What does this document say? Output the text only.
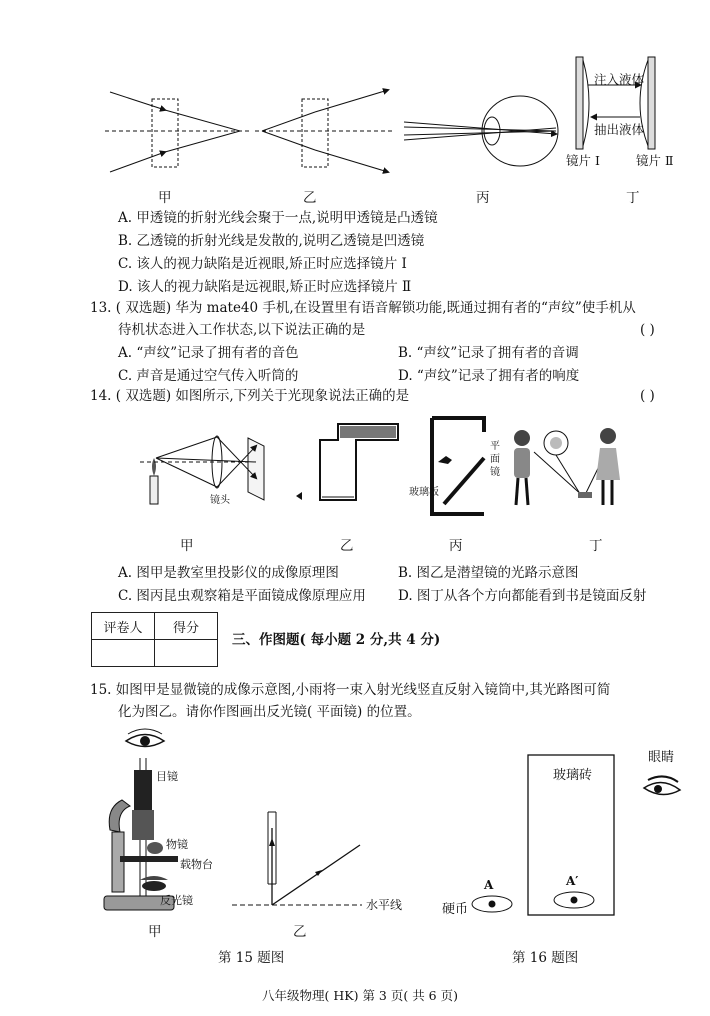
注入液体
抽出液体
镜片 Ⅰ	镜片 Ⅱ
甲	乙	丙	丁
A. 甲透镜的折射光线会聚于一点,说明甲透镜是凸透镜
B. 乙透镜的折射光线是发散的,说明乙透镜是凹透镜
C. 该人的视力缺陷是近视眼,矫正时应选择镜片 Ⅰ
D. 该人的视力缺陷是远视眼,矫正时应选择镜片 Ⅱ
13. ( 双选题) 华为 mate40 手机,在设置里有语音解锁功能,既通过拥有者的“声纹”使手机从
待机状态进入工作状态,以下说法正确的是	( )
A. “声纹”记录了拥有者的音色	B. “声纹”记录了拥有者的音调
C. 声音是通过空气传入听筒的	D. “声纹”记录了拥有者的响度
14. ( 双选题) 如图所示,下列关于光现象说法正确的是	( )
镜头
玻璃板
平
面
镜
甲	乙	丙	丁
A. 图甲是教室里投影仪的成像原理图	B. 图乙是潜望镜的光路示意图
C. 图丙昆虫观察箱是平面镜成像原理应用 D. 图丁从各个方向都能看到书是镜面反射
评卷人	得分

三、作图题( 每小题 2 分,共 4 分)
15. 如图甲是显微镜的成像示意图,小雨将一束入射光线竖直反射入镜筒中,其光路图可简
化为图乙。请你作图画出反光镜( 平面镜) 的位置。
目镜
物镜
载物台
反光镜	水平线
甲	乙
第 15 题图
眼睛
玻璃砖
硬币
A	A′
第 16 题图
八年级物理( HK) 第 3 页( 共 6 页)
